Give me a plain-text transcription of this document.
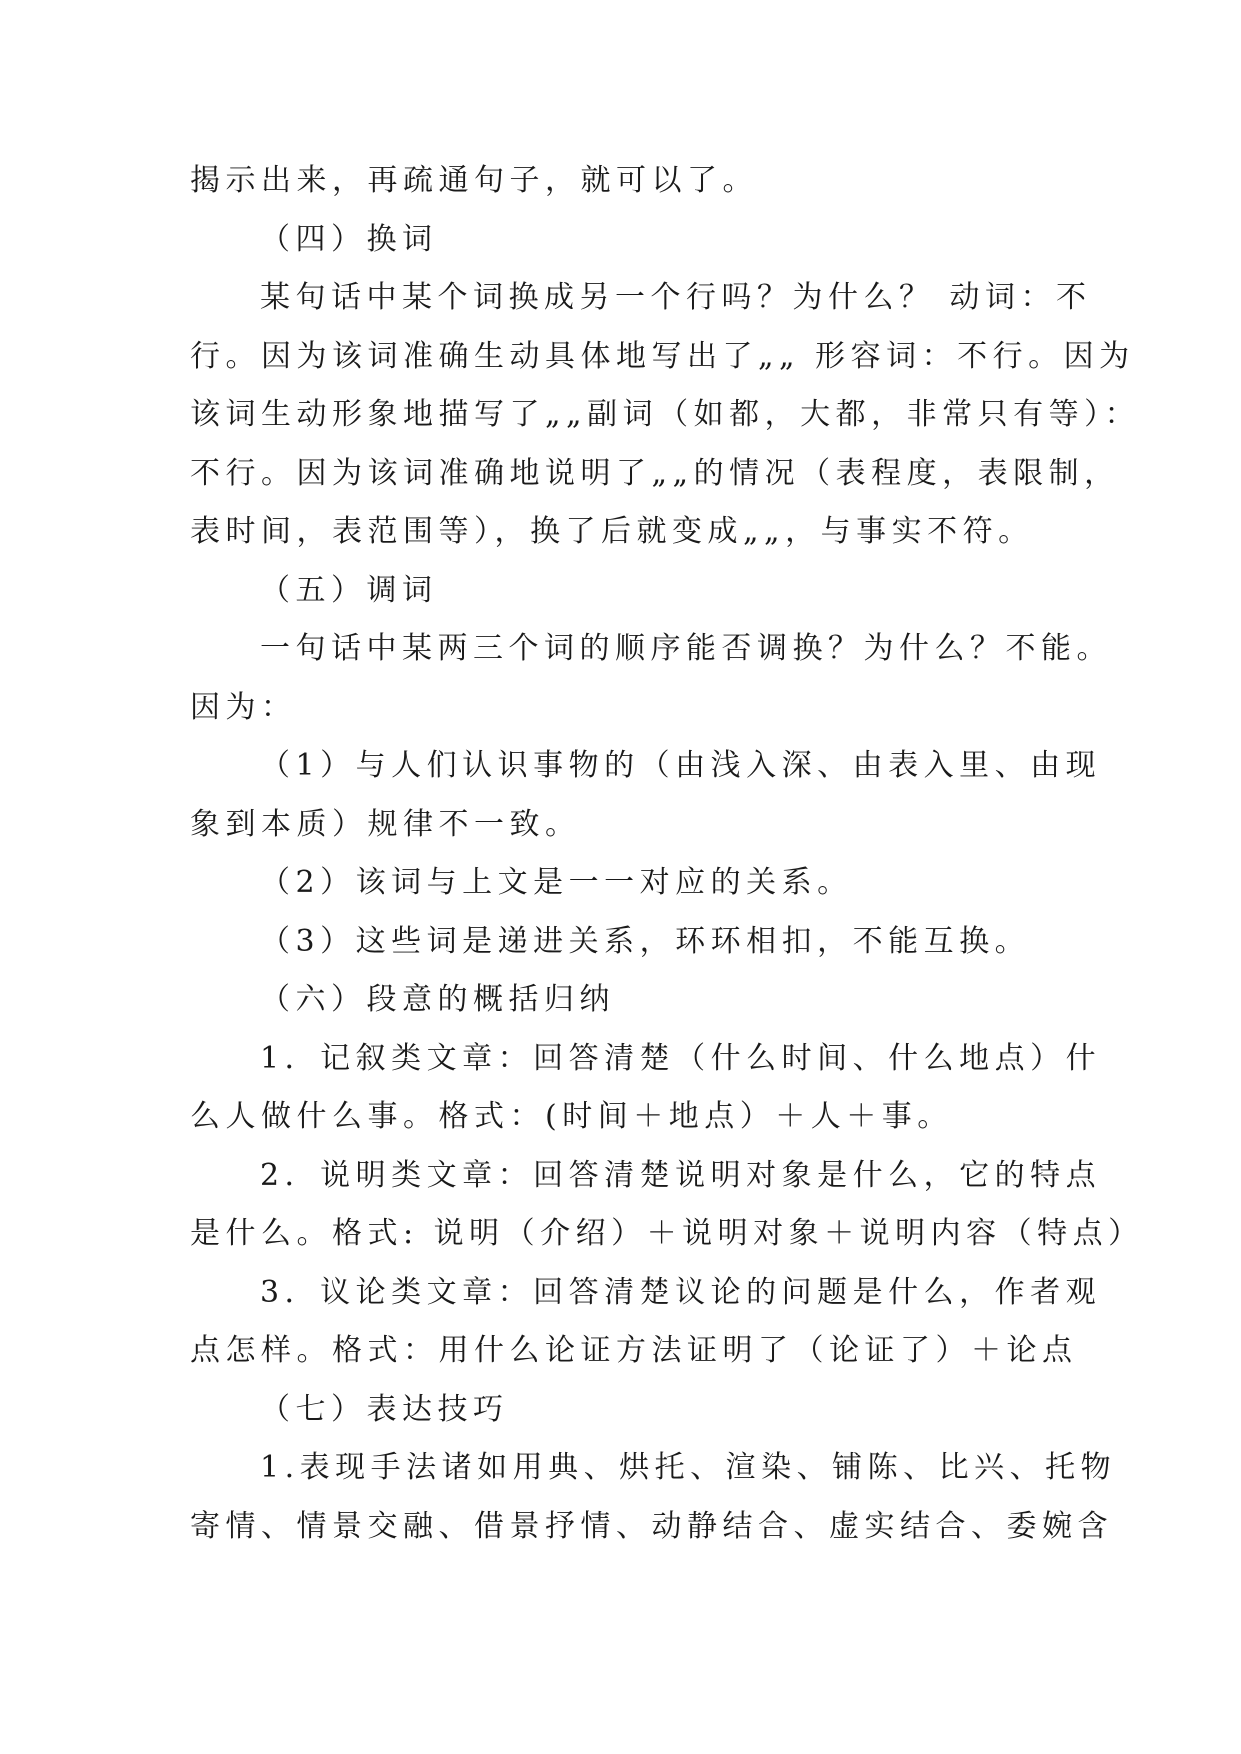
揭示出来，再疏通句子，就可以了。

（四）换词

某句话中某个词换成另一个行吗？为什么？ 动词：不

行。因为该词准确生动具体地写出了„„ 形容词：不行。因为

该词生动形象地描写了„„副词（如都，大都，非常只有等）：

不行。因为该词准确地说明了„„的情况（表程度，表限制，

表时间，表范围等），换了后就变成„„，与事实不符。

（五）调词

一句话中某两三个词的顺序能否调换？为什么？不能。

因为：

（1）与人们认识事物的（由浅入深、由表入里、由现

象到本质）规律不一致。

（2）该词与上文是一一对应的关系。

（3）这些词是递进关系，环环相扣，不能互换。

（六）段意的概括归纳

1．记叙类文章：回答清楚（什么时间、什么地点）什

么人做什么事。格式：(时间＋地点）＋人＋事。

2．说明类文章：回答清楚说明对象是什么，它的特点

是什么。格式: 说明（介绍）＋说明对象＋说明内容（特点）

3．议论类文章：回答清楚议论的问题是什么，作者观

点怎样。格式：用什么论证方法证明了（论证了）＋论点

（七）表达技巧

1.表现手法诸如用典、烘托、渲染、铺陈、比兴、托物

寄情、情景交融、借景抒情、动静结合、虚实结合、委婉含
